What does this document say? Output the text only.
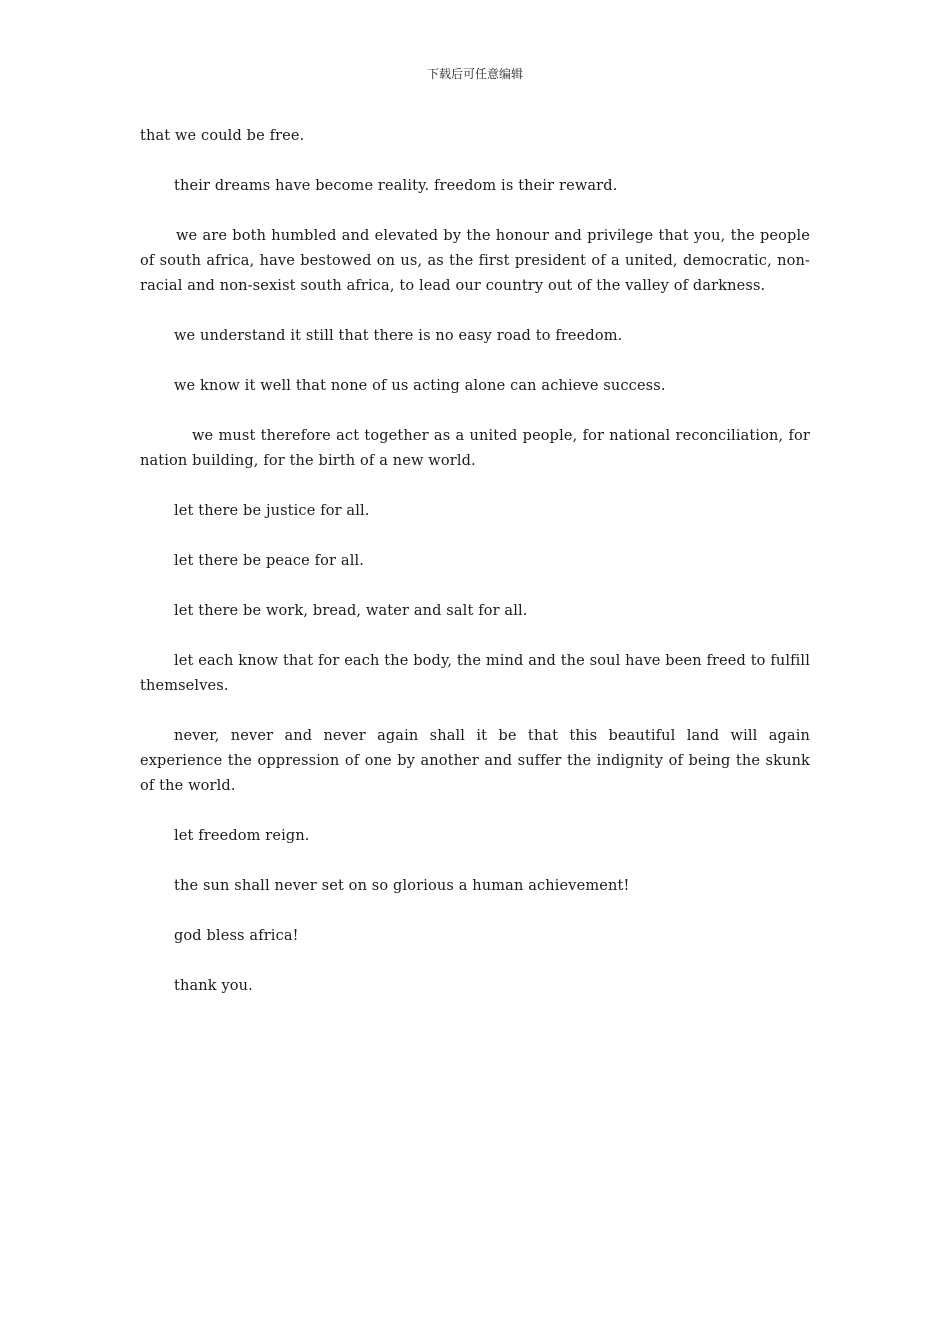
下载后可任意编辑

that we could be free.

their dreams have become reality. freedom is their reward.

we are both humbled and elevated by the honour and privilege that you, the people of south africa, have bestowed on us, as the first president of a united, democratic, non-racial and non-sexist south africa, to lead our country out of the valley of darkness.

we understand it still that there is no easy road to freedom.

we know it well that none of us acting alone can achieve success.

we must therefore act together as a united people, for national reconciliation, for nation building, for the birth of a new world.

let there be justice for all.

let there be peace for all.

let there be work, bread, water and salt for all.

let each know that for each the body, the mind and the soul have been freed to fulfill themselves.

never, never and never again shall it be that this beautiful land will again experience the oppression of one by another and suffer the indignity of being the skunk of the world.

let freedom reign.

the sun shall never set on so glorious a human achievement!

god bless africa!

thank you.
